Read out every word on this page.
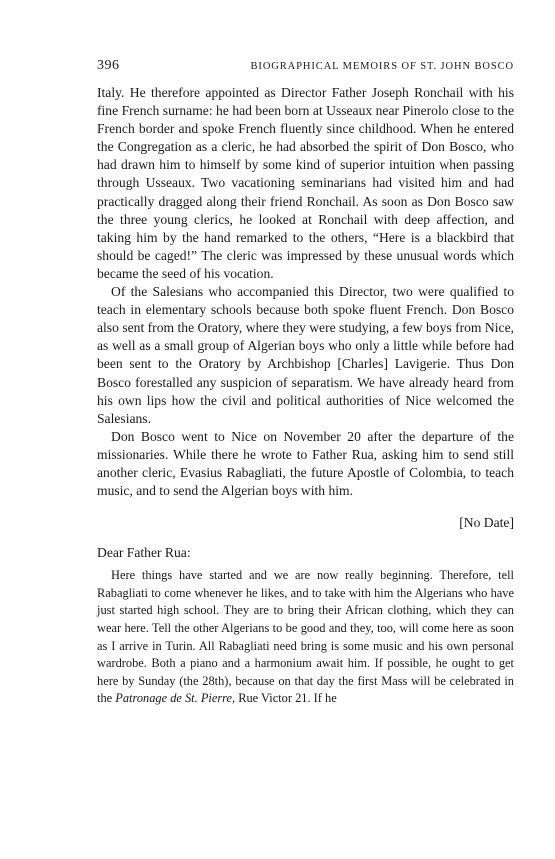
396	BIOGRAPHICAL MEMOIRS OF ST. JOHN BOSCO

Italy. He therefore appointed as Director Father Joseph Ronchail with his fine French surname: he had been born at Usseaux near Pinerolo close to the French border and spoke French fluently since childhood. When he entered the Congregation as a cleric, he had absorbed the spirit of Don Bosco, who had drawn him to himself by some kind of superior intuition when passing through Usseaux. Two vacationing seminarians had visited him and had practically dragged along their friend Ronchail. As soon as Don Bosco saw the three young clerics, he looked at Ronchail with deep affection, and taking him by the hand remarked to the others, “Here is a blackbird that should be caged!” The cleric was impressed by these unusual words which became the seed of his vocation.

Of the Salesians who accompanied this Director, two were qualified to teach in elementary schools because both spoke fluent French. Don Bosco also sent from the Oratory, where they were studying, a few boys from Nice, as well as a small group of Algerian boys who only a little while before had been sent to the Oratory by Archbishop [Charles] Lavigerie. Thus Don Bosco forestalled any suspicion of separatism. We have already heard from his own lips how the civil and political authorities of Nice welcomed the Salesians.

Don Bosco went to Nice on November 20 after the departure of the missionaries. While there he wrote to Father Rua, asking him to send still another cleric, Evasius Rabagliati, the future Apostle of Colombia, to teach music, and to send the Algerian boys with him.

[No Date]
Dear Father Rua:

Here things have started and we are now really beginning. Therefore, tell Rabagliati to come whenever he likes, and to take with him the Algerians who have just started high school. They are to bring their African clothing, which they can wear here. Tell the other Algerians to be good and they, too, will come here as soon as I arrive in Turin. All Rabagliati need bring is some music and his own personal wardrobe. Both a piano and a harmonium await him. If possible, he ought to get here by Sunday (the 28th), because on that day the first Mass will be celebrated in the Patronage de St. Pierre, Rue Victor 21. If he
